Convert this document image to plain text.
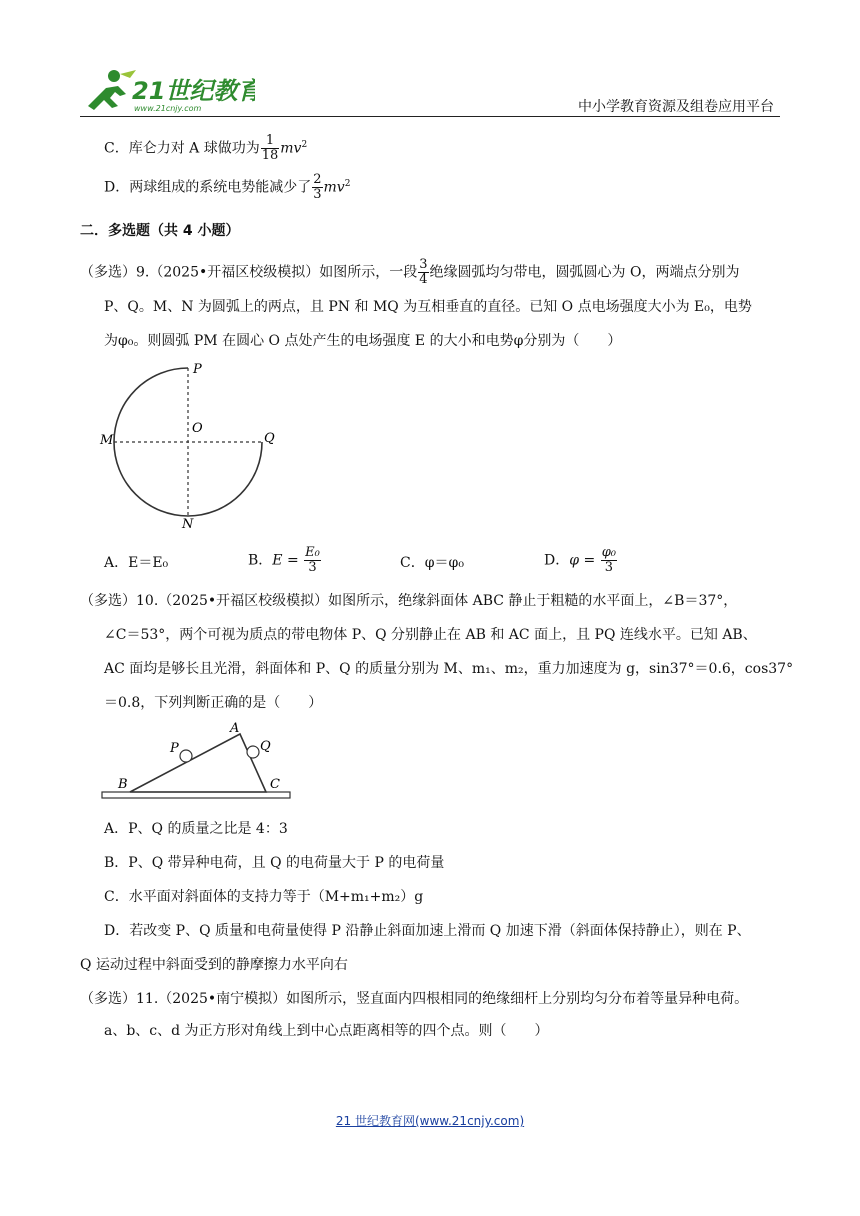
21世纪教育
www.21cnjy.com	中小学教育资源及组卷应用平台
C．库仑力对 A 球做功为 $\frac{1}{18} mv^2$
D．两球组成的系统电势能减少了 $\frac{2}{3} mv^2$
二．多选题（共 4 小题）
（多选）9.（2025•开福区校级模拟）如图所示，一段 $\frac{3}{4}$ 绝缘圆弧均匀带电，圆弧圆心为 O，两端点分别为
P、Q。M、N 为圆弧上的两点，且 PN 和 MQ 为互相垂直的直径。已知 O 点电场强度大小为 E₀，电势
为φ₀。则圆弧 PM 在圆心 O 点处产生的电场强度 E 的大小和电势φ分别为（　　）
P
O
M	Q
N
A．E＝E₀	B．$E = \frac{\text{E₀}}{3}$	C．φ＝φ₀	D．$\varphi = \frac{\text{φ₀}}{3}$
（多选）10.（2025•开福区校级模拟）如图所示，绝缘斜面体 ABC 静止于粗糙的水平面上，∠B＝37°，
∠C＝53°，两个可视为质点的带电物体 P、Q 分别静止在 AB 和 AC 面上，且 PQ 连线水平。已知 AB、
AC 面均是够长且光滑，斜面体和 P、Q 的质量分别为 M、m₁、m₂，重力加速度为 g，sin37°＝0.6，cos37°
＝0.8，下列判断正确的是（　　）
A
P	Q
B	C
A．P、Q 的质量之比是 4：3
B．P、Q 带异种电荷，且 Q 的电荷量大于 P 的电荷量
C．水平面对斜面体的支持力等于（M+m₁+m₂）g
D．若改变 P、Q 质量和电荷量使得 P 沿静止斜面加速上滑而 Q 加速下滑（斜面体保持静止），则在 P、
Q 运动过程中斜面受到的静摩擦力水平向右
（多选）11.（2025•南宁模拟）如图所示，竖直面内四根相同的绝缘细杆上分别均匀分布着等量异种电荷。
a、b、c、d 为正方形对角线上到中心点距离相等的四个点。则（　　）
21 世纪教育网(www.21cnjy.com)
